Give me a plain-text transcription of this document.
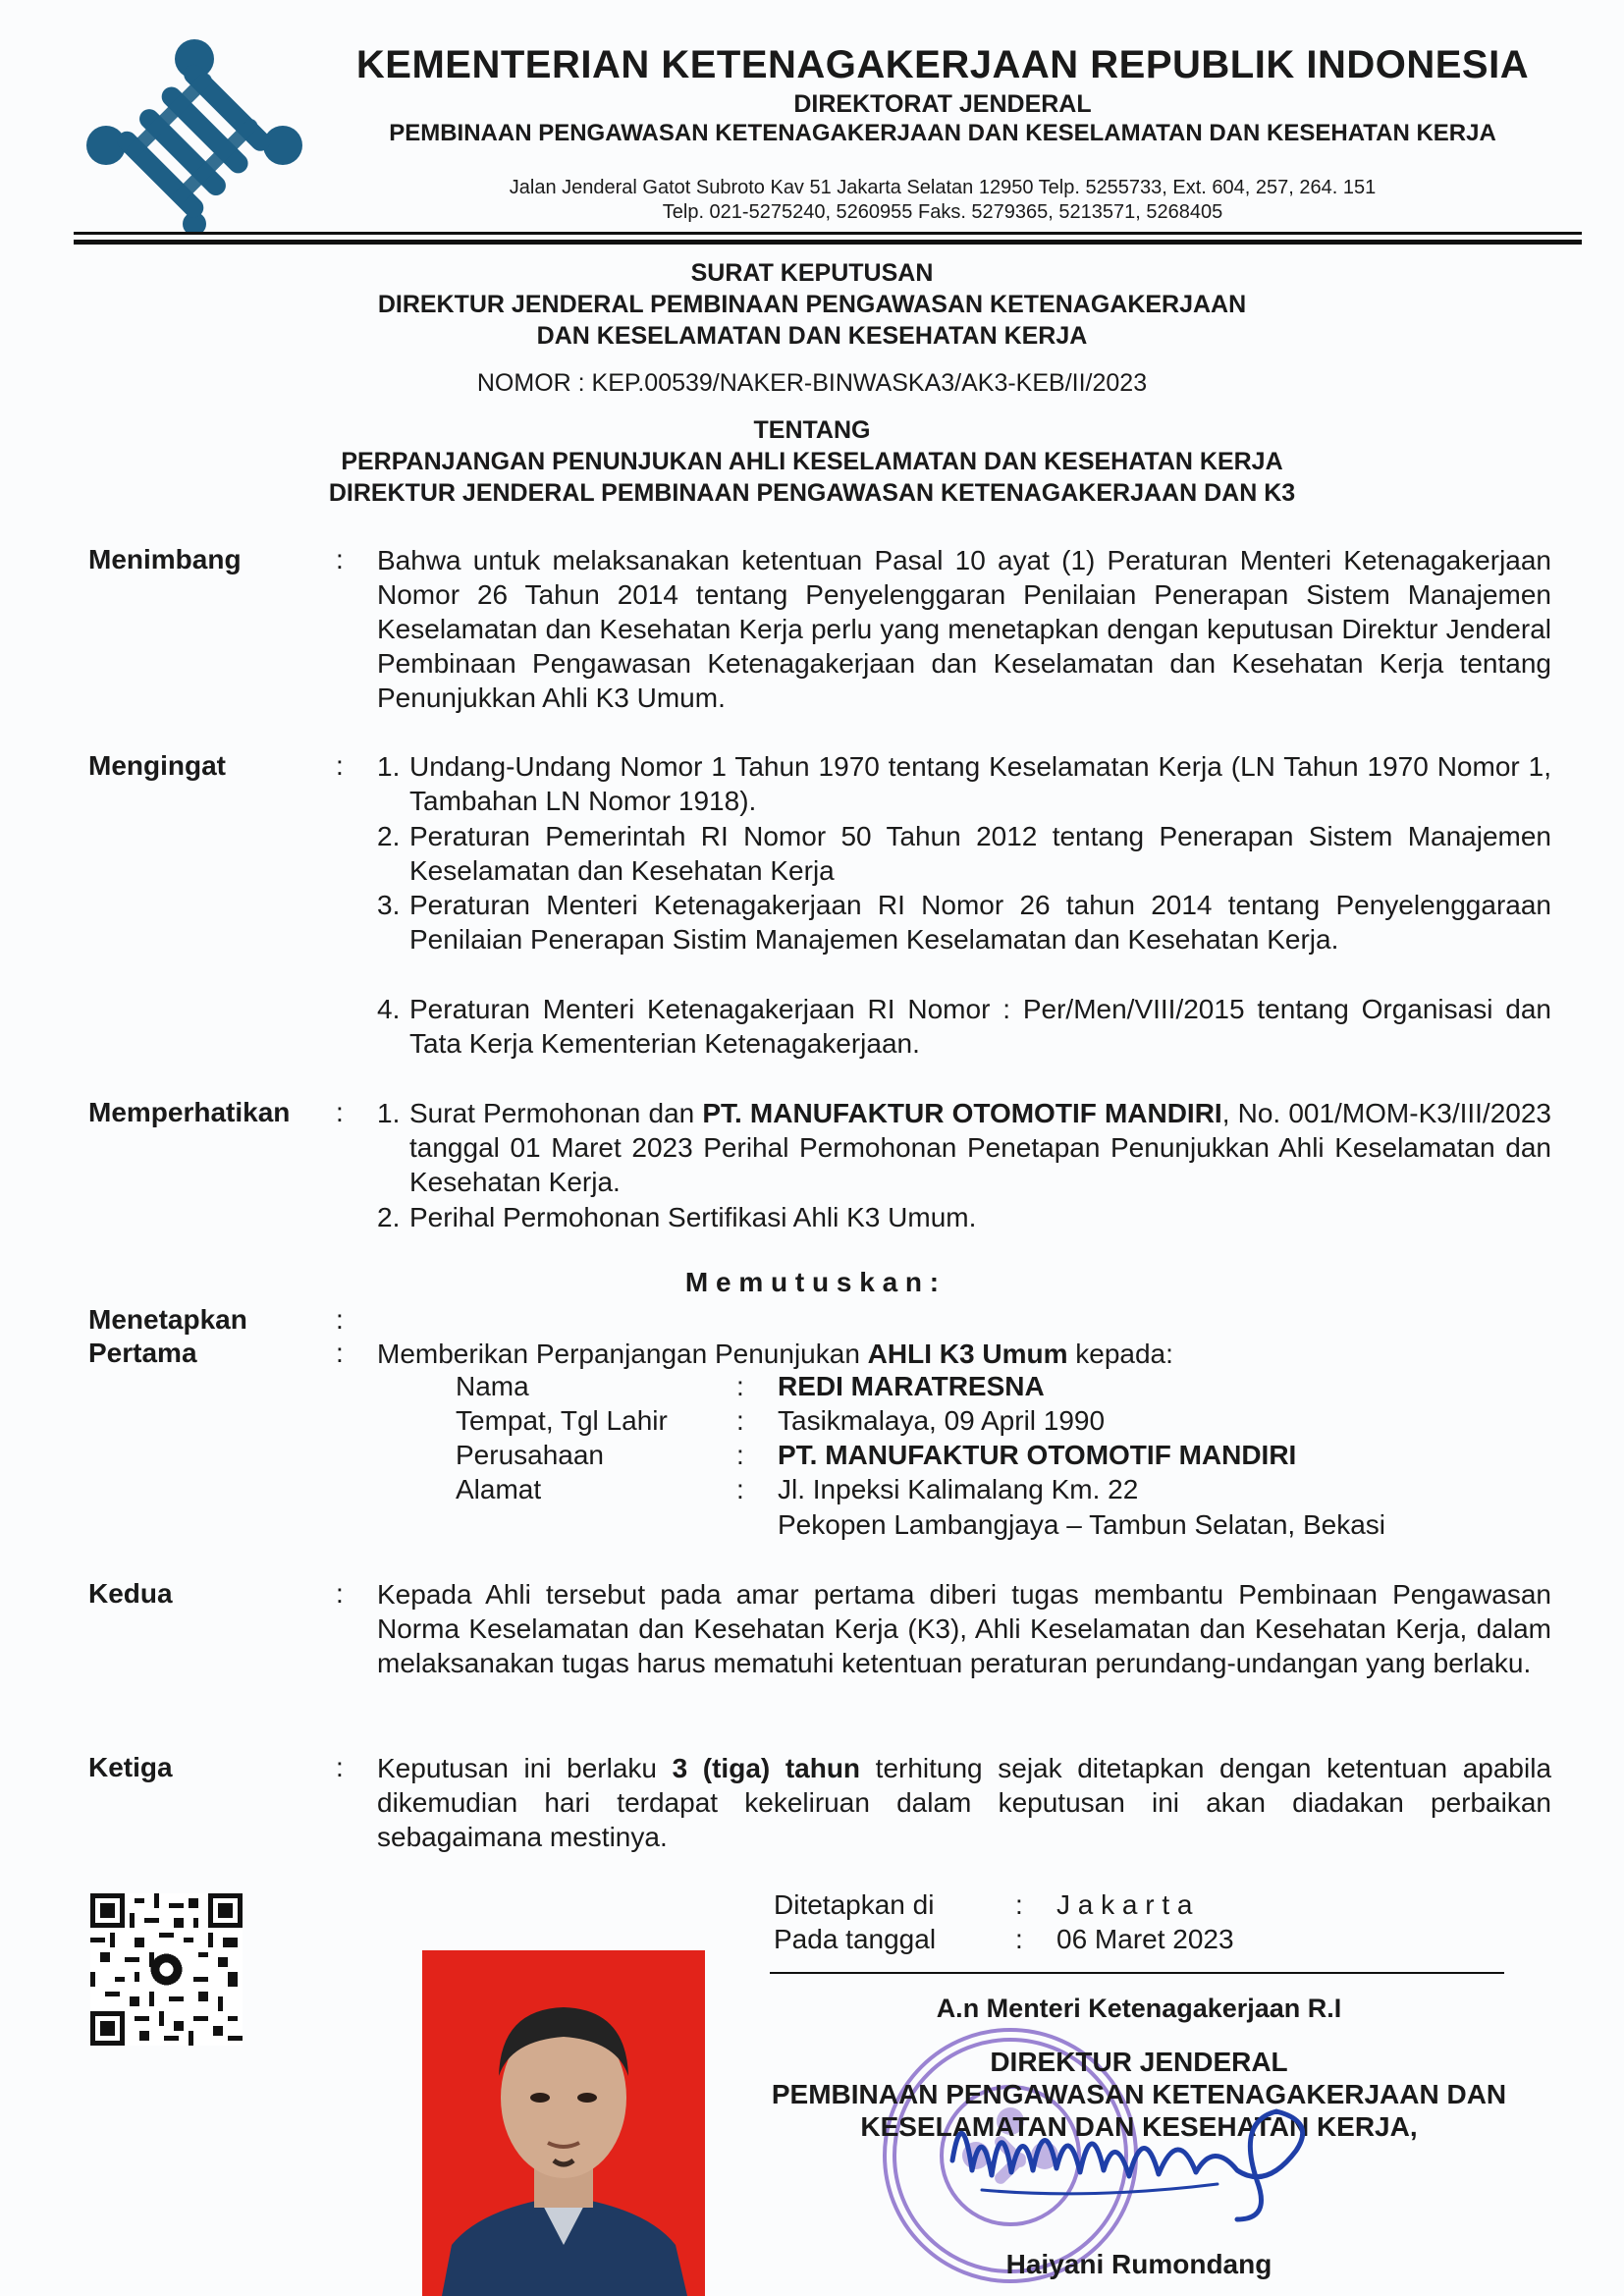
KEMENTERIAN KETENAGAKERJAAN REPUBLIK INDONESIA
DIREKTORAT JENDERAL
PEMBINAAN PENGAWASAN KETENAGAKERJAAN DAN KESELAMATAN DAN KESEHATAN KERJA
Jalan Jenderal Gatot Subroto Kav 51 Jakarta Selatan 12950 Telp. 5255733, Ext. 604, 257, 264. 151
Telp. 021-5275240, 5260955 Faks. 5279365, 5213571, 5268405
SURAT KEPUTUSAN
DIREKTUR JENDERAL PEMBINAAN PENGAWASAN KETENAGAKERJAAN
DAN KESELAMATAN DAN KESEHATAN KERJA
NOMOR : KEP.00539/NAKER-BINWASKA3/AK3-KEB/II/2023
TENTANG
PERPANJANGAN PENUNJUKAN AHLI KESELAMATAN DAN KESEHATAN KERJA
DIREKTUR JENDERAL PEMBINAAN PENGAWASAN KETENAGAKERJAAN DAN K3
Menimbang	: Bahwa untuk melaksanakan ketentuan Pasal 10 ayat (1) Peraturan Menteri Ketenagakerjaan Nomor 26 Tahun 2014 tentang Penyelenggaran Penilaian Penerapan Sistem Manajemen Keselamatan dan Kesehatan Kerja perlu yang menetapkan dengan keputusan Direktur Jenderal Pembinaan Pengawasan Ketenagakerjaan dan Keselamatan dan Kesehatan Kerja tentang Penunjukkan Ahli K3 Umum.
Mengingat	: 1. Undang-Undang Nomor 1 Tahun 1970 tentang Keselamatan Kerja (LN Tahun 1970 Nomor 1, Tambahan LN Nomor 1918).
2. Peraturan Pemerintah RI Nomor 50 Tahun 2012 tentang Penerapan Sistem Manajemen Keselamatan dan Kesehatan Kerja
3. Peraturan Menteri Ketenagakerjaan RI Nomor 26 tahun 2014 tentang Penyelenggaraan Penilaian Penerapan Sistim Manajemen Keselamatan dan Kesehatan Kerja.
4. Peraturan Menteri Ketenagakerjaan RI Nomor : Per/Men/VIII/2015 tentang Organisasi dan Tata Kerja Kementerian Ketenagakerjaan.
Memperhatikan : 1. Surat Permohonan dan PT. MANUFAKTUR OTOMOTIF MANDIRI, No. 001/MOM-K3/III/2023 tanggal 01 Maret 2023 Perihal Permohonan Penetapan Penunjukkan Ahli Keselamatan dan Kesehatan Kerja.
2. Perihal Permohonan Sertifikasi Ahli K3 Umum.
M e m u t u s k a n :
Menetapkan	:
Pertama	: Memberikan Perpanjangan Penunjukan AHLI K3 Umum kepada:
Nama	: REDI MARATRESNA
Tempat, Tgl Lahir	: Tasikmalaya, 09 April 1990
Perusahaan	: PT. MANUFAKTUR OTOMOTIF MANDIRI
Alamat	: Jl. Inpeksi Kalimalang Km. 22
Pekopen Lambangjaya – Tambun Selatan, Bekasi
Kedua	: Kepada Ahli tersebut pada amar pertama diberi tugas membantu Pembinaan Pengawasan Norma Keselamatan dan Kesehatan Kerja (K3), Ahli Keselamatan dan Kesehatan Kerja, dalam melaksanakan tugas harus mematuhi ketentuan peraturan perundang-undangan yang berlaku.
Ketiga	: Keputusan ini berlaku 3 (tiga) tahun terhitung sejak ditetapkan dengan ketentuan apabila dikemudian hari terdapat kekeliruan dalam keputusan ini akan diadakan perbaikan sebagaimana mestinya.
Ditetapkan di	: J a k a r t a
Pada tanggal	: 06 Maret 2023
A.n Menteri Ketenagakerjaan R.I
DIREKTUR JENDERAL
PEMBINAAN PENGAWASAN KETENAGAKERJAAN DAN
KESELAMATAN DAN KESEHATAN KERJA,
Haiyani Rumondang
